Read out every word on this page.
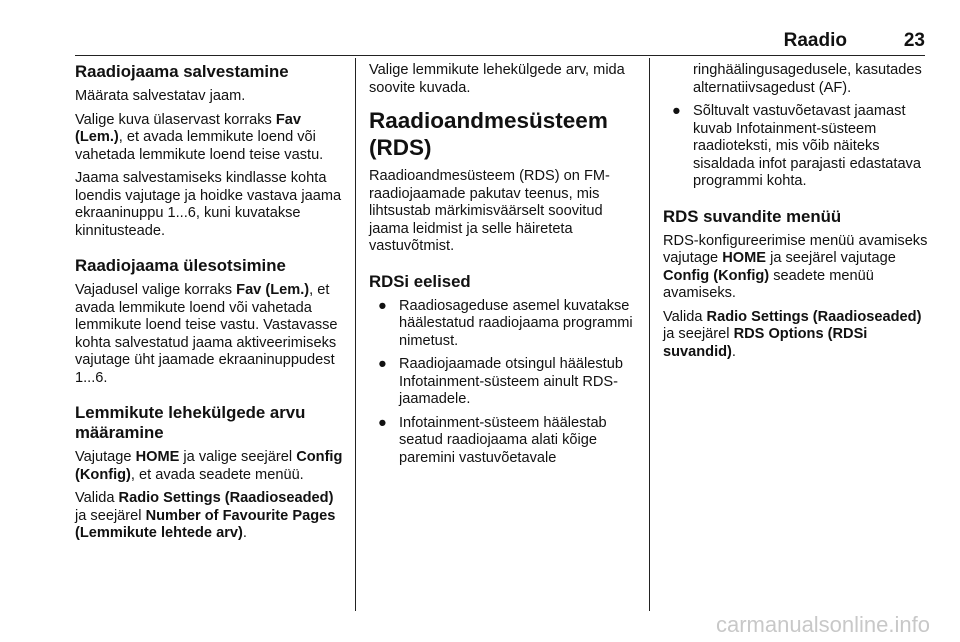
Raadio	23
Raadiojaama salvestamine

Määrata salvestatav jaam.

Valige kuva ülaservast korraks Fav (Lem.), et avada lemmikute loend või vahetada lemmikute loend teise vastu.

Jaama salvestamiseks kindlasse kohta loendis vajutage ja hoidke vastava jaama ekraaninuppu 1...6, kuni kuvatakse kinnitusteade.

Raadiojaama ülesotsimine

Vajadusel valige korraks Fav (Lem.), et avada lemmikute loend või vahetada lemmikute loend teise vastu. Vastavasse kohta salvestatud jaama aktiveerimiseks vajutage üht jaamade ekraaninuppudest 1...6.

Lemmikute lehekülgede arvu määramine

Vajutage HOME ja valige seejärel Config (Konfig), et avada seadete menüü.

Valida Radio Settings (Raadioseaded) ja seejärel Number of Favourite Pages (Lemmikute lehtede arv).

Valige lemmikute lehekülgede arv, mida soovite kuvada.

Raadioandmesüsteem (RDS)

Raadioandmesüsteem (RDS) on FM-raadiojaamade pakutav teenus, mis lihtsustab märkimisväärselt soovitud jaama leidmist ja selle häireteta vastuvõtmist.

RDSi eelised
● Raadiosageduse asemel kuvatakse häälestatud raadiojaama programmi nimetust.
● Raadiojaamade otsingul häälestub Infotainment-süsteem ainult RDS-jaamadele.
● Infotainment-süsteem häälestab seatud raadiojaama alati kõige paremini vastuvõetavale
ringhäälingusagedusele, kasutades alternatiivsagedust (AF).
● Sõltuvalt vastuvõetavast jaamast kuvab Infotainment-süsteem raadioteksti, mis võib näiteks sisaldada infot parajasti edastatava programmi kohta.
RDS suvandite menüü

RDS-konfigureerimise menüü avamiseks vajutage HOME ja seejärel vajutage Config (Konfig) seadete menüü avamiseks.

Valida Radio Settings (Raadioseaded) ja seejärel RDS Options (RDSi suvandid).

carmanualsonline.info
